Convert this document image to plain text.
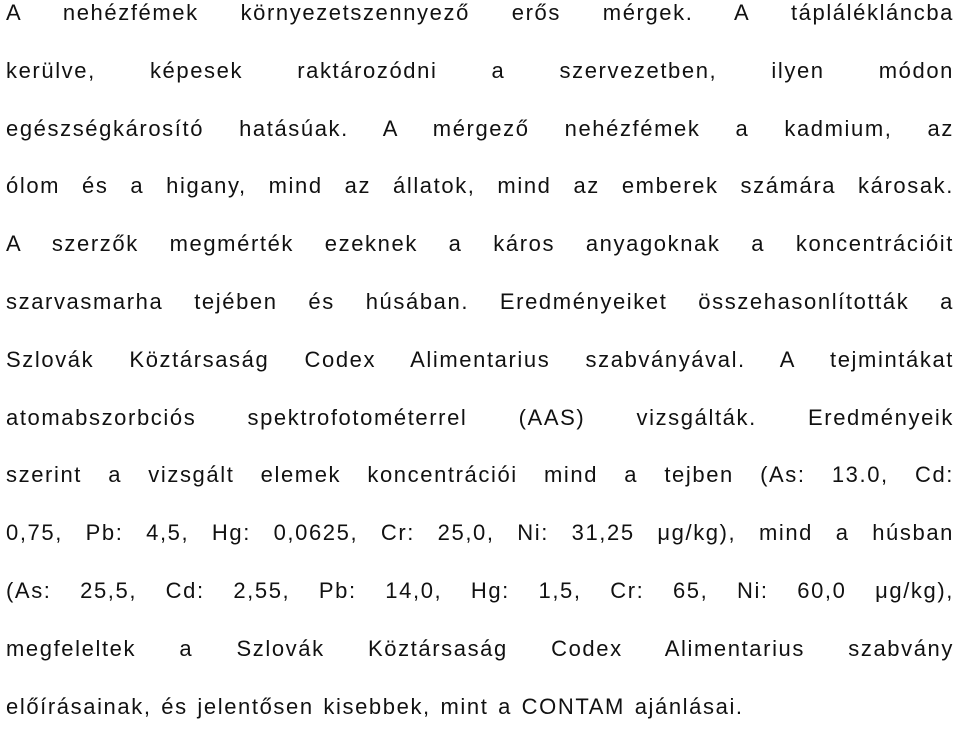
A nehézfémek környezetszennyező erős mérgek. A táplálékláncba
kerülve, képesek raktározódni a szervezetben, ilyen módon
egészségkárosító hatásúak. A mérgező nehézfémek a kadmium, az
ólom és a higany, mind az állatok, mind az emberek számára károsak.
A szerzők megmérték ezeknek a káros anyagoknak a koncentrációit
szarvasmarha tejében és húsában. Eredményeiket összehasonlították a
Szlovák Köztársaság Codex Alimentarius szabványával. A tejmintákat
atomabszorbciós spektrofotométerrel (AAS) vizsgálták. Eredményeik
szerint a vizsgált elemek koncentrációi mind a tejben (As: 13.0, Cd:
0,75, Pb: 4,5, Hg: 0,0625, Cr: 25,0, Ni: 31,25 μg/kg), mind a húsban
(As: 25,5, Cd: 2,55, Pb: 14,0, Hg: 1,5, Cr: 65, Ni: 60,0 μg/kg),
megfeleltek a Szlovák Köztársaság Codex Alimentarius szabvány
előírásainak, és jelentősen kisebbek, mint a CONTAM ajánlásai.
